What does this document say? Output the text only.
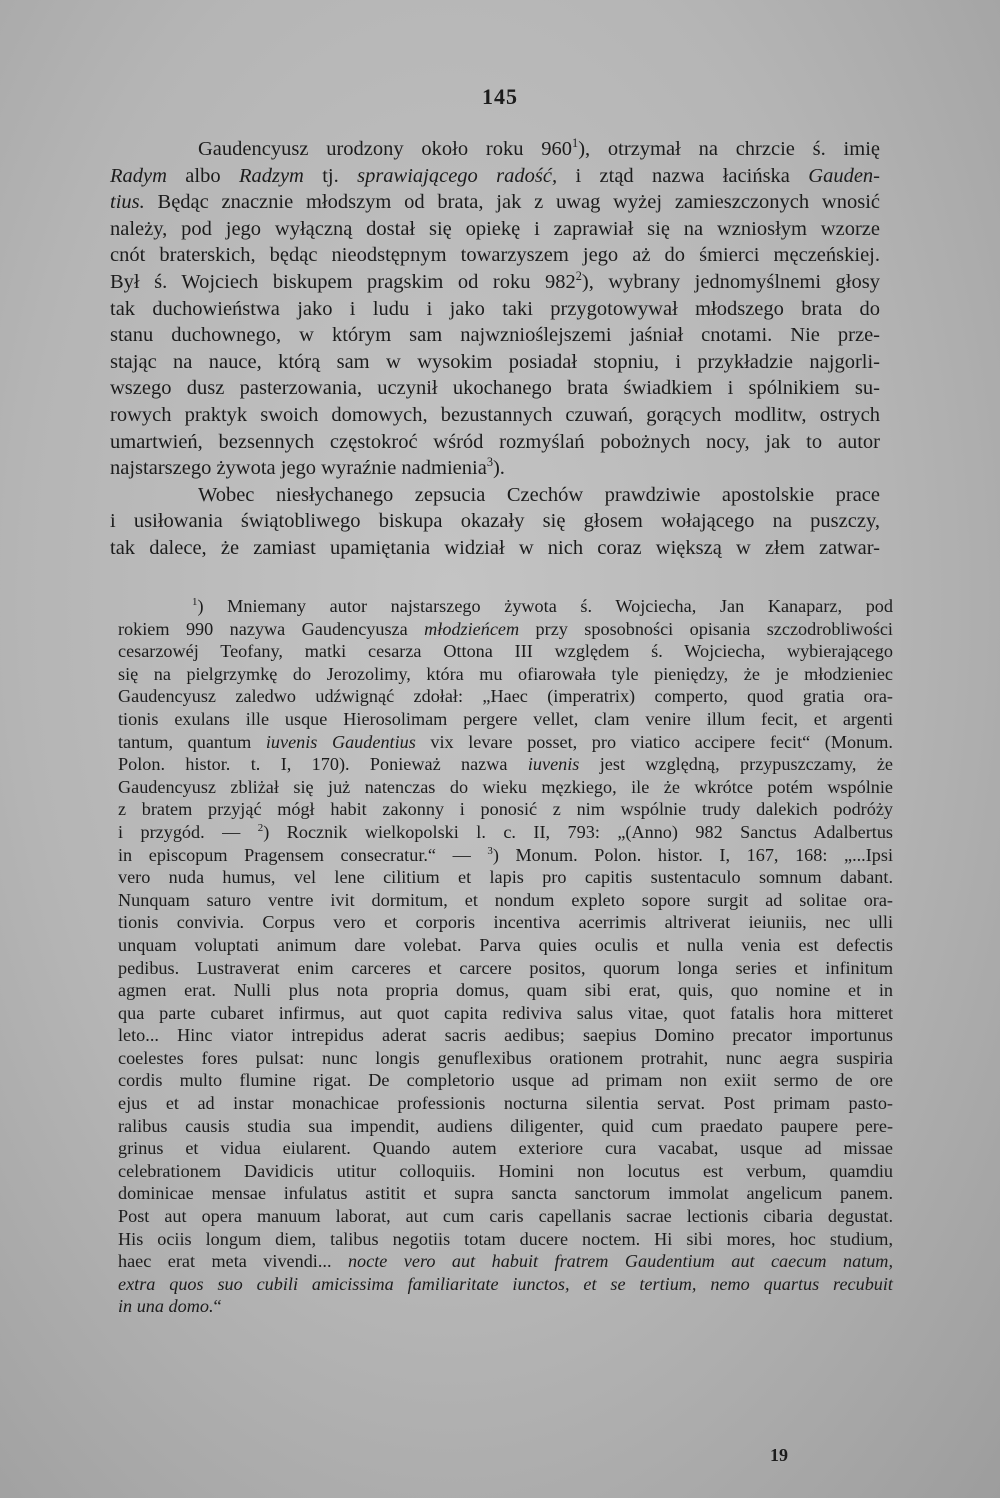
145
Gaudencyusz urodzony około roku $960^1$), otrzymał na chrzcie ś. imię
Radym albo Radzym tj. sprawiającego radość, i ztąd nazwa łacińska Gauden-
tius. Będąc znacznie młodszym od brata, jak z uwag wyżej zamieszczonych wnosić
należy, pod jego wyłączną dostał się opiekę i zaprawiał się na wzniosłym wzorze
cnót braterskich, będąc nieodstępnym towarzyszem jego aż do śmierci męczeńskiej.
Był ś. Wojciech biskupem pragskim od roku $982^2$), wybrany jednomyślnemi głosy
tak duchowieństwa jako i ludu i jako taki przygotowywał młodszego brata do
stanu duchownego, w którym sam najwznioślejszemi jaśniał cnotami. Nie prze-
stając na nauce, którą sam w wysokim posiadał stopniu, i przykładzie najgorli-
wszego dusz pasterzowania, uczynił ukochanego brata świadkiem i spólnikiem su-
rowych praktyk swoich domowych, bezustannych czuwań, gorących modlitw, ostrych
umartwień, bezsennych częstokroć wśród rozmyślań pobożnych nocy, jak to autor
najstarszego żywota jego wyraźnie nadmienia$^3$).
Wobec niesłychanego zepsucia Czechów prawdziwie apostolskie prace
i usiłowania świątobliwego biskupa okazały się głosem wołającego na puszczy,
tak dalece, że zamiast upamiętania widział w nich coraz większą w złem zatwar-
$^1$) Mniemany autor najstarszego żywota ś. Wojciecha, Jan Kanaparz, pod
rokiem 990 nazywa Gaudencyusza młodzieńcem przy sposobności opisania szczodrobliwości
cesarzowéj Teofany, matki cesarza Ottona III względem ś. Wojciecha, wybierającego
się na pielgrzymkę do Jerozolimy, która mu ofiarowała tyle pieniędzy, że je młodzieniec
Gaudencyusz zaledwo udźwignąć zdołał: „Haec (imperatrix) comperto, quod gratia ora-
tionis exulans ille usque Hierosolimam pergere vellet, clam venire illum fecit, et argenti
tantum, quantum iuvenis Gaudentius vix levare posset, pro viatico accipere fecit“ (Monum.
Polon. histor. t. I, 170). Ponieważ nazwa iuvenis jest względną, przypuszczamy, że
Gaudencyusz zbliżał się już natenczas do wieku męzkiego, ile że wkrótce potém wspólnie
z bratem przyjąć mógł habit zakonny i ponosić z nim wspólnie trudy dalekich podróży
i przygód. — $^2$) Rocznik wielkopolski l. c. II, 793: „(Anno) 982 Sanctus Adalbertus
in episcopum Pragensem consecratur.“ — $^3$) Monum. Polon. histor. I, 167, 168: „...Ipsi
vero nuda humus, vel lene cilitium et lapis pro capitis sustentaculo somnum dabant.
Nunquam saturo ventre ivit dormitum, et nondum expleto sopore surgit ad solitae ora-
tionis convivia. Corpus vero et corporis incentiva acerrimis altriverat ieiuniis, nec ulli
unquam voluptati animum dare volebat. Parva quies oculis et nulla venia est defectis
pedibus. Lustraverat enim carceres et carcere positos, quorum longa series et infinitum
agmen erat. Nulli plus nota propria domus, quam sibi erat, quis, quo nomine et in
qua parte cubaret infirmus, aut quot capita rediviva salus vitae, quot fatalis hora mitteret
leto... Hinc viator intrepidus aderat sacris aedibus; saepius Domino precator importunus
coelestes fores pulsat: nunc longis genuflexibus orationem protrahit, nunc aegra suspiria
cordis multo flumine rigat. De completorio usque ad primam non exiit sermo de ore
ejus et ad instar monachicae professionis nocturna silentia servat. Post primam pasto-
ralibus causis studia sua impendit, audiens diligenter, quid cum praedato paupere pere-
grinus et vidua eiularent. Quando autem exteriore cura vacabat, usque ad missae
celebrationem Davidicis utitur colloquiis. Homini non locutus est verbum, quamdiu
dominicae mensae infulatus astitit et supra sancta sanctorum immolat angelicum panem.
Post aut opera manuum laborat, aut cum caris capellanis sacrae lectionis cibaria degustat.
His ociis longum diem, talibus negotiis totam ducere noctem. Hi sibi mores, hoc studium,
haec erat meta vivendi... nocte vero aut habuit fratrem Gaudentium aut caecum natum,
extra quos suo cubili amicissima familiaritate iunctos, et se tertium, nemo quartus recubuit
in una domo.“
19
